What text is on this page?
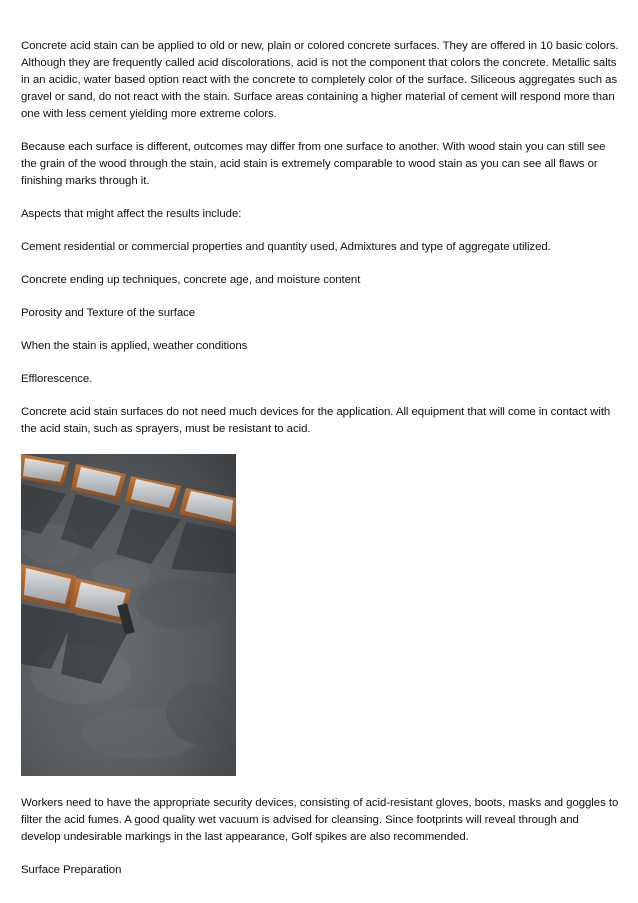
Concrete acid stain can be applied to old or new, plain or colored concrete surfaces. They are offered in 10 basic colors. Although they are frequently called acid discolorations, acid is not the component that colors the concrete. Metallic salts in an acidic, water based option react with the concrete to completely color of the surface. Siliceous aggregates such as gravel or sand, do not react with the stain. Surface areas containing a higher material of cement will respond more than one with less cement yielding more extreme colors.

Because each surface is different, outcomes may differ from one surface to another. With wood stain you can still see the grain of the wood through the stain, acid stain is extremely comparable to wood stain as you can see all flaws or finishing marks through it.

Aspects that might affect the results include:

Cement residential or commercial properties and quantity used, Admixtures and type of aggregate utilized.

Concrete ending up techniques, concrete age, and moisture content

Porosity and Texture of the surface

When the stain is applied, weather conditions

Efflorescence.

Concrete acid stain surfaces do not need much devices for the application. All equipment that will come in contact with the acid stain, such as sprayers, must be resistant to acid.

Workers need to have the appropriate security devices, consisting of acid-resistant gloves, boots, masks and goggles to filter the acid fumes. A good quality wet vacuum is advised for cleansing. Since footprints will reveal through and develop undesirable markings in the last appearance, Golf spikes are also recommended.

Surface Preparation
